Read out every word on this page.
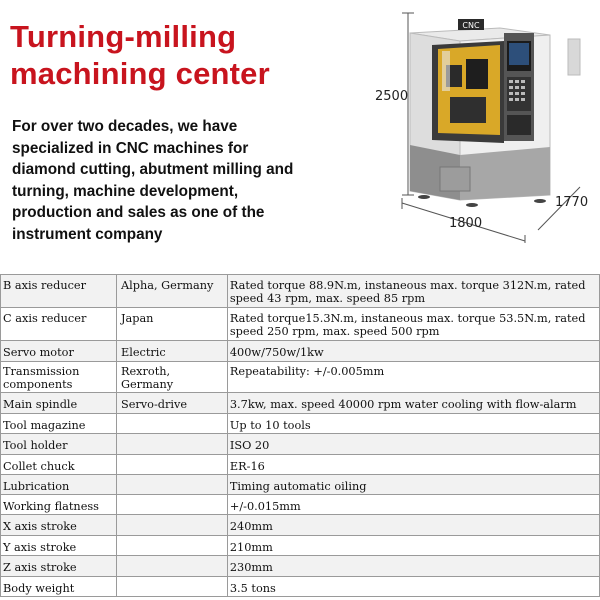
Turning-milling
machining center

For over two decades, we have specialized in CNC machines for diamond cutting, abutment milling and turning, machine development, production and sales as one of the instrument company

CNC
2500
1800
1770
B axis reducer	Alpha, Germany	Rated torque 88.9N.m, instaneous max. torque 312N.m, rated speed 43 rpm, max. speed 85 rpm
C axis reducer	Japan	Rated torque15.3N.m, instaneous max. torque 53.5N.m, rated speed 250 rpm, max. speed 500 rpm
Servo motor	Electric	400w/750w/1kw
Transmission components	Rexroth, Germany	Repeatability: +/-0.005mm
Main spindle	Servo-drive	3.7kw, max. speed 40000 rpm water cooling with flow-alarm
Tool magazine		Up to 10 tools
Tool holder		ISO 20
Collet chuck		ER-16
Lubrication		Timing automatic oiling
Working flatness		+/-0.015mm
X axis stroke		240mm
Y axis stroke		210mm
Z axis stroke		230mm
Body weight		3.5 tons
